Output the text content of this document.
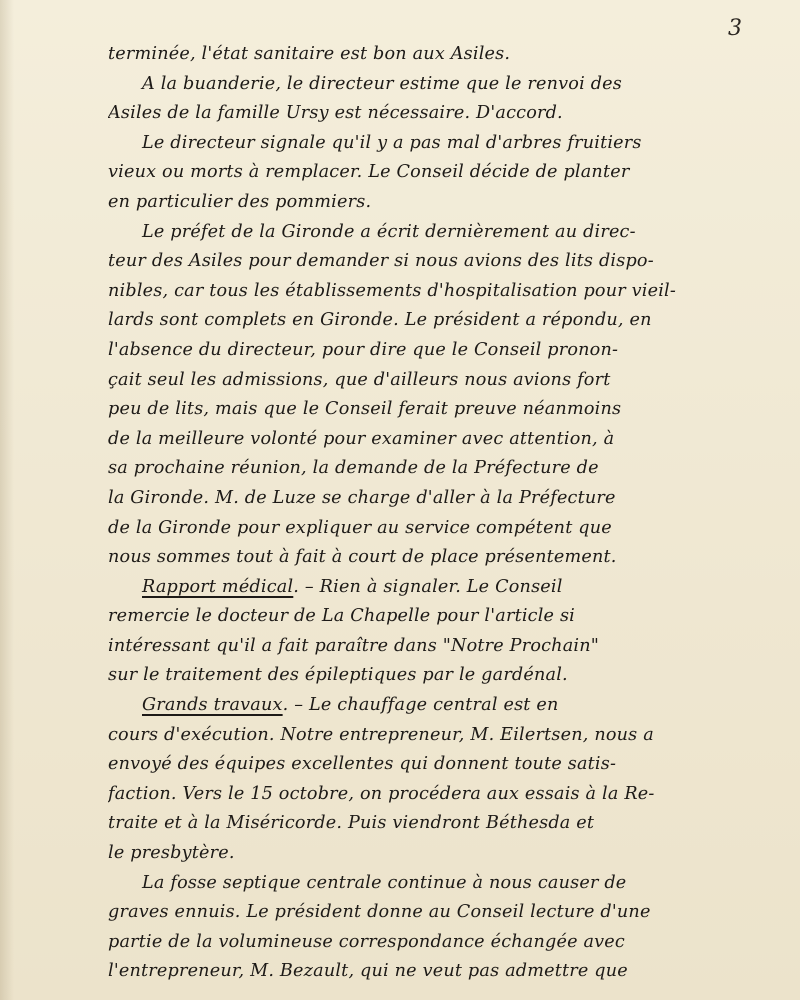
3
terminée, l'état sanitaire est bon aux Asiles.
A la buanderie, le directeur estime que le renvoi des
Asiles de la famille Ursy est nécessaire. D'accord.
Le directeur signale qu'il y a pas mal d'arbres fruitiers
vieux ou morts à remplacer. Le Conseil décide de planter
en particulier des pommiers.
Le préfet de la Gironde a écrit dernièrement au direc-
teur des Asiles pour demander si nous avions des lits dispo-
nibles, car tous les établissements d'hospitalisation pour vieil-
lards sont complets en Gironde. Le président a répondu, en
l'absence du directeur, pour dire que le Conseil pronon-
çait seul les admissions, que d'ailleurs nous avions fort
peu de lits, mais que le Conseil ferait preuve néanmoins
de la meilleure volonté pour examiner avec attention, à
sa prochaine réunion, la demande de la Préfecture de
la Gironde. M. de Luze se charge d'aller à la Préfecture
de la Gironde pour expliquer au service compétent que
nous sommes tout à fait à court de place présentement.
Rapport médical. – Rien à signaler. Le Conseil
remercie le docteur de La Chapelle pour l'article si
intéressant qu'il a fait paraître dans "Notre Prochain"
sur le traitement des épileptiques par le gardénal.
Grands travaux. – Le chauffage central est en
cours d'exécution. Notre entrepreneur, M. Eilertsen, nous a
envoyé des équipes excellentes qui donnent toute satis-
faction. Vers le 15 octobre, on procédera aux essais à la Re-
traite et à la Miséricorde. Puis viendront Béthesda et
le presbytère.
La fosse septique centrale continue à nous causer de
graves ennuis. Le président donne au Conseil lecture d'une
partie de la volumineuse correspondance échangée avec
l'entrepreneur, M. Bezault, qui ne veut pas admettre que
